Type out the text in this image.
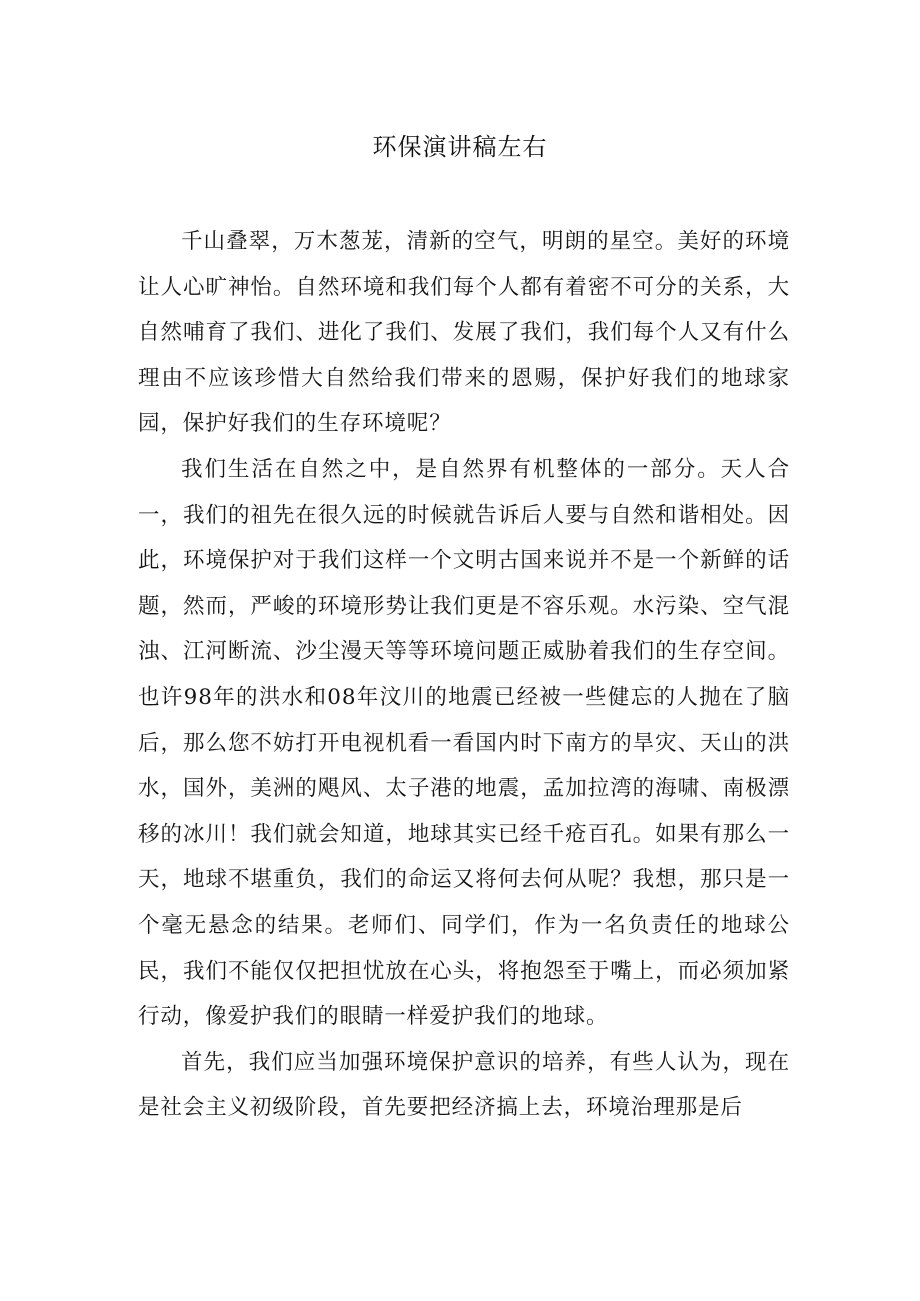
环保演讲稿左右

千山叠翠，万木葱茏，清新的空气，明朗的星空。美好的环境让人心旷神怡。自然环境和我们每个人都有着密不可分的关系，大自然哺育了我们、进化了我们、发展了我们，我们每个人又有什么理由不应该珍惜大自然给我们带来的恩赐，保护好我们的地球家园，保护好我们的生存环境呢？

我们生活在自然之中，是自然界有机整体的一部分。天人合一，我们的祖先在很久远的时候就告诉后人要与自然和谐相处。因此，环境保护对于我们这样一个文明古国来说并不是一个新鲜的话题，然而，严峻的环境形势让我们更是不容乐观。水污染、空气混浊、江河断流、沙尘漫天等等环境问题正威胁着我们的生存空间。也许98年的洪水和08年汶川的地震已经被一些健忘的人抛在了脑后，那么您不妨打开电视机看一看国内时下南方的旱灾、天山的洪水，国外，美洲的飓风、太子港的地震，孟加拉湾的海啸、南极漂移的冰川！我们就会知道，地球其实已经千疮百孔。如果有那么一天，地球不堪重负，我们的命运又将何去何从呢？我想，那只是一个毫无悬念的结果。老师们、同学们，作为一名负责任的地球公民，我们不能仅仅把担忧放在心头，将抱怨至于嘴上，而必须加紧行动，像爱护我们的眼睛一样爱护我们的地球。

首先，我们应当加强环境保护意识的培养，有些人认为，现在是社会主义初级阶段，首先要把经济搞上去，环境治理那是后
